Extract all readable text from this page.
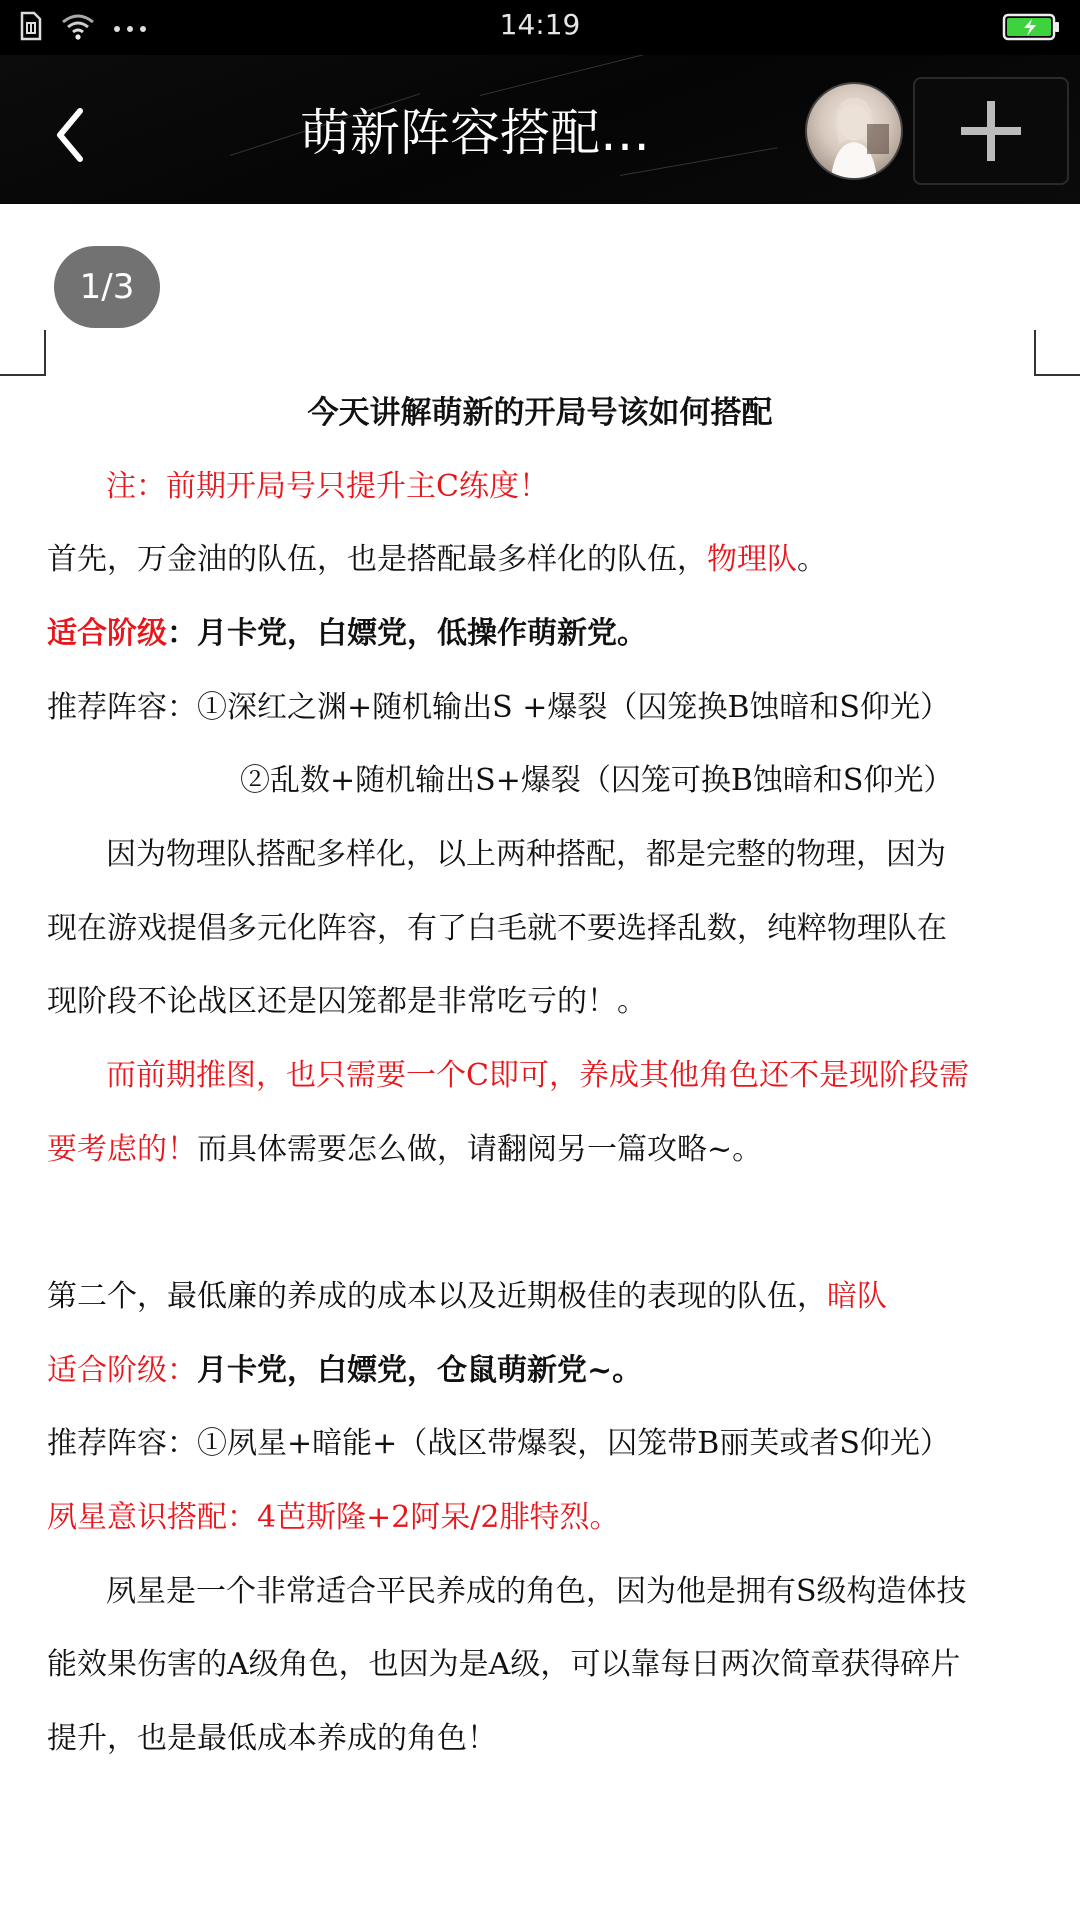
14:19
萌新阵容搭配…
1/3
今天讲解萌新的开局号该如何搭配
注：前期开局号只提升主C练度！
首先，万金油的队伍，也是搭配最多样化的队伍，物理队。
适合阶级：月卡党，白嫖党，低操作萌新党。
推荐阵容：①深红之渊+随机输出S +爆裂（囚笼换B蚀暗和S仰光）
②乱数+随机输出S+爆裂（囚笼可换B蚀暗和S仰光）
因为物理队搭配多样化，以上两种搭配，都是完整的物理，因为
现在游戏提倡多元化阵容，有了白毛就不要选择乱数，纯粹物理队在
现阶段不论战区还是囚笼都是非常吃亏的！。
而前期推图，也只需要一个C即可，养成其他角色还不是现阶段需
要考虑的！而具体需要怎么做，请翻阅另一篇攻略~。
第二个，最低廉的养成的成本以及近期极佳的表现的队伍，暗队
适合阶级：月卡党，白嫖党，仓鼠萌新党~。
推荐阵容：①夙星+暗能+（战区带爆裂，囚笼带B丽芙或者S仰光）
夙星意识搭配：4芭斯隆+2阿呆/2腓特烈。
夙星是一个非常适合平民养成的角色，因为他是拥有S级构造体技
能效果伤害的A级角色，也因为是A级，可以靠每日两次简章获得碎片
提升，也是最低成本养成的角色！
